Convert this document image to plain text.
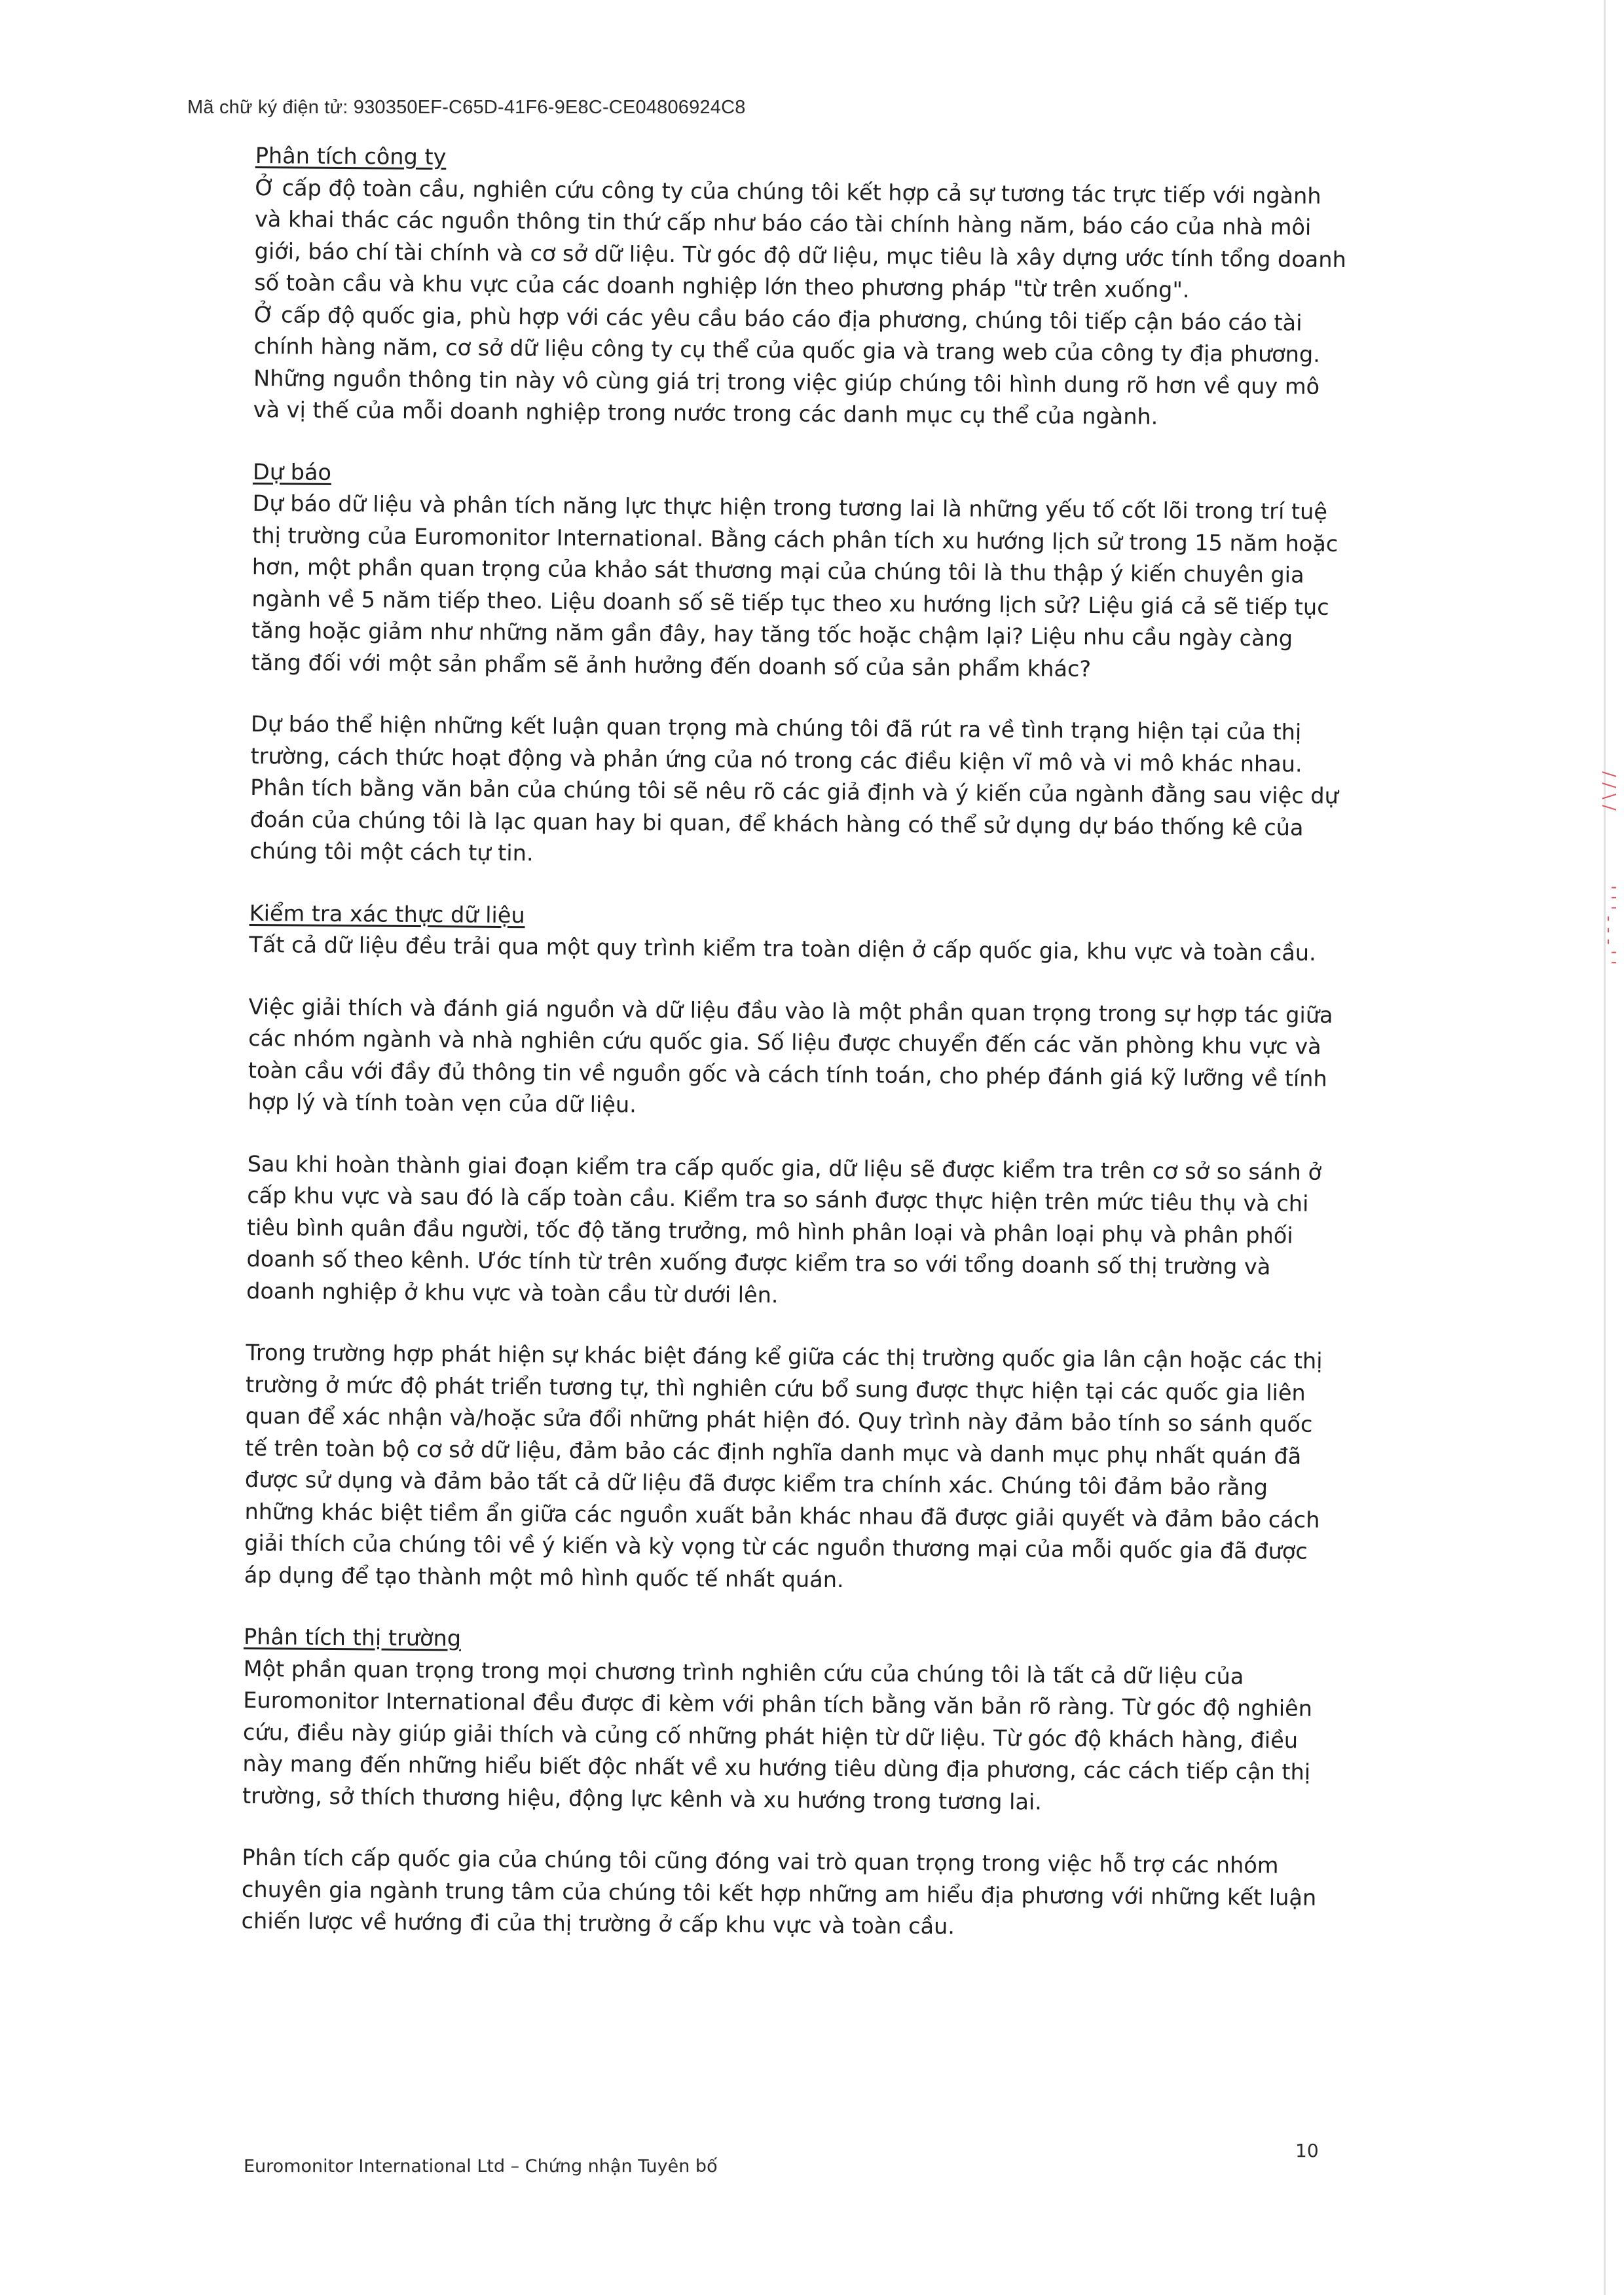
Mã chữ ký điện tử: 930350EF-C65D-41F6-9E8C-CE04806924C8
Phân tích công ty

Ở cấp độ toàn cầu, nghiên cứu công ty của chúng tôi kết hợp cả sự tương tác trực tiếp với ngành và khai thác các nguồn thông tin thứ cấp như báo cáo tài chính hàng năm, báo cáo của nhà môi giới, báo chí tài chính và cơ sở dữ liệu. Từ góc độ dữ liệu, mục tiêu là xây dựng ước tính tổng doanh số toàn cầu và khu vực của các doanh nghiệp lớn theo phương pháp "từ trên xuống".

Ở cấp độ quốc gia, phù hợp với các yêu cầu báo cáo địa phương, chúng tôi tiếp cận báo cáo tài chính hàng năm, cơ sở dữ liệu công ty cụ thể của quốc gia và trang web của công ty địa phương. Những nguồn thông tin này vô cùng giá trị trong việc giúp chúng tôi hình dung rõ hơn về quy mô và vị thế của mỗi doanh nghiệp trong nước trong các danh mục cụ thể của ngành.

Dự báo

Dự báo dữ liệu và phân tích năng lực thực hiện trong tương lai là những yếu tố cốt lõi trong trí tuệ thị trường của Euromonitor International. Bằng cách phân tích xu hướng lịch sử trong 15 năm hoặc hơn, một phần quan trọng của khảo sát thương mại của chúng tôi là thu thập ý kiến chuyên gia ngành về 5 năm tiếp theo. Liệu doanh số sẽ tiếp tục theo xu hướng lịch sử? Liệu giá cả sẽ tiếp tục tăng hoặc giảm như những năm gần đây, hay tăng tốc hoặc chậm lại? Liệu nhu cầu ngày càng tăng đối với một sản phẩm sẽ ảnh hưởng đến doanh số của sản phẩm khác?

Dự báo thể hiện những kết luận quan trọng mà chúng tôi đã rút ra về tình trạng hiện tại của thị trường, cách thức hoạt động và phản ứng của nó trong các điều kiện vĩ mô và vi mô khác nhau. Phân tích bằng văn bản của chúng tôi sẽ nêu rõ các giả định và ý kiến của ngành đằng sau việc dự đoán của chúng tôi là lạc quan hay bi quan, để khách hàng có thể sử dụng dự báo thống kê của chúng tôi một cách tự tin.

Kiểm tra xác thực dữ liệu

Tất cả dữ liệu đều trải qua một quy trình kiểm tra toàn diện ở cấp quốc gia, khu vực và toàn cầu.

Việc giải thích và đánh giá nguồn và dữ liệu đầu vào là một phần quan trọng trong sự hợp tác giữa các nhóm ngành và nhà nghiên cứu quốc gia. Số liệu được chuyển đến các văn phòng khu vực và toàn cầu với đầy đủ thông tin về nguồn gốc và cách tính toán, cho phép đánh giá kỹ lưỡng về tính hợp lý và tính toàn vẹn của dữ liệu.

Sau khi hoàn thành giai đoạn kiểm tra cấp quốc gia, dữ liệu sẽ được kiểm tra trên cơ sở so sánh ở cấp khu vực và sau đó là cấp toàn cầu. Kiểm tra so sánh được thực hiện trên mức tiêu thụ và chi tiêu bình quân đầu người, tốc độ tăng trưởng, mô hình phân loại và phân loại phụ và phân phối doanh số theo kênh. Ước tính từ trên xuống được kiểm tra so với tổng doanh số thị trường và doanh nghiệp ở khu vực và toàn cầu từ dưới lên.

Trong trường hợp phát hiện sự khác biệt đáng kể giữa các thị trường quốc gia lân cận hoặc các thị trường ở mức độ phát triển tương tự, thì nghiên cứu bổ sung được thực hiện tại các quốc gia liên quan để xác nhận và/hoặc sửa đổi những phát hiện đó. Quy trình này đảm bảo tính so sánh quốc tế trên toàn bộ cơ sở dữ liệu, đảm bảo các định nghĩa danh mục và danh mục phụ nhất quán đã được sử dụng và đảm bảo tất cả dữ liệu đã được kiểm tra chính xác. Chúng tôi đảm bảo rằng những khác biệt tiềm ẩn giữa các nguồn xuất bản khác nhau đã được giải quyết và đảm bảo cách giải thích của chúng tôi về ý kiến và kỳ vọng từ các nguồn thương mại của mỗi quốc gia đã được áp dụng để tạo thành một mô hình quốc tế nhất quán.

Phân tích thị trường

Một phần quan trọng trong mọi chương trình nghiên cứu của chúng tôi là tất cả dữ liệu của Euromonitor International đều được đi kèm với phân tích bằng văn bản rõ ràng. Từ góc độ nghiên cứu, điều này giúp giải thích và củng cố những phát hiện từ dữ liệu. Từ góc độ khách hàng, điều này mang đến những hiểu biết độc nhất về xu hướng tiêu dùng địa phương, các cách tiếp cận thị trường, sở thích thương hiệu, động lực kênh và xu hướng trong tương lai.

Phân tích cấp quốc gia của chúng tôi cũng đóng vai trò quan trọng trong việc hỗ trợ các nhóm chuyên gia ngành trung tâm của chúng tôi kết hợp những am hiểu địa phương với những kết luận chiến lược về hướng đi của thị trường ở cấp khu vực và toàn cầu.

/ / \ /
' ' ' - - - ' '
Euromonitor International Ltd – Chứng nhận Tuyên bố
10
